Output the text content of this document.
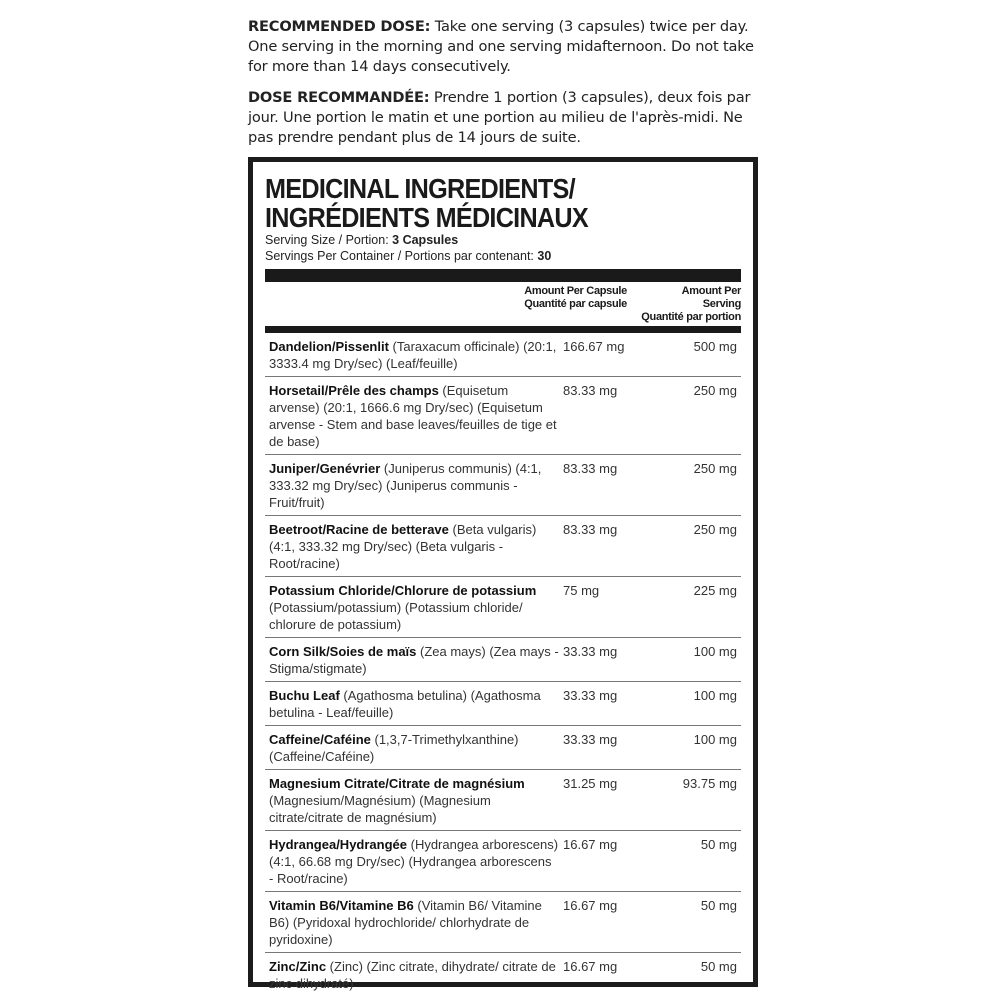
RECOMMENDED DOSE: Take one serving (3 capsules) twice per day. One serving in the morning and one serving midafternoon. Do not take for more than 14 days consecutively.
DOSE RECOMMANDÉE: Prendre 1 portion (3 capsules), deux fois par jour. Une portion le matin et une portion au milieu de l'après-midi. Ne pas prendre pendant plus de 14 jours de suite.
MEDICINAL INGREDIENTS/
INGRÉDIENTS MÉDICINAUX
Serving Size / Portion: 3 Capsules
Servings Per Container / Portions par contenant: 30
Amount Per Capsule
Quantité par capsule
Amount Per Serving
Quantité par portion
Dandelion/Pissenlit (Taraxacum officinale) (20:1, 3333.4 mg Dry/sec) (Leaf/feuille)
166.67 mg	500 mg
Horsetail/Prêle des champs (Equisetum arvense) (20:1, 1666.6 mg Dry/sec) (Equisetum arvense - Stem and base leaves/feuilles de tige et de base)
83.33 mg	250 mg
Juniper/Genévrier (Juniperus communis) (4:1, 333.32 mg Dry/sec) (Juniperus communis - Fruit/fruit)
83.33 mg	250 mg
Beetroot/Racine de betterave (Beta vulgaris) (4:1, 333.32 mg Dry/sec) (Beta vulgaris - Root/racine)
83.33 mg	250 mg
Potassium Chloride/Chlorure de potassium (Potassium/potassium) (Potassium chloride/ chlorure de potassium)
75 mg	225 mg
Corn Silk/Soies de maïs (Zea mays) (Zea mays - Stigma/stigmate)
33.33 mg	100 mg
Buchu Leaf (Agathosma betulina) (Agathosma betulina - Leaf/feuille)
33.33 mg	100 mg
Caffeine/Caféine (1,3,7-Trimethylxanthine) (Caffeine/Caféine)
33.33 mg	100 mg
Magnesium Citrate/Citrate de magnésium (Magnesium/Magnésium) (Magnesium citrate/citrate de magnésium)
31.25 mg	93.75 mg
Hydrangea/Hydrangée (Hydrangea arborescens) (4:1, 66.68 mg Dry/sec) (Hydrangea arborescens - Root/racine)
16.67 mg	50 mg
Vitamin B6/Vitamine B6 (Vitamin B6/ Vitamine B6) (Pyridoxal hydrochloride/ chlorhydrate de pyridoxine)
16.67 mg	50 mg
Zinc/Zinc (Zinc) (Zinc citrate, dihydrate/ citrate de zinc dihydraté)
16.67 mg	50 mg
